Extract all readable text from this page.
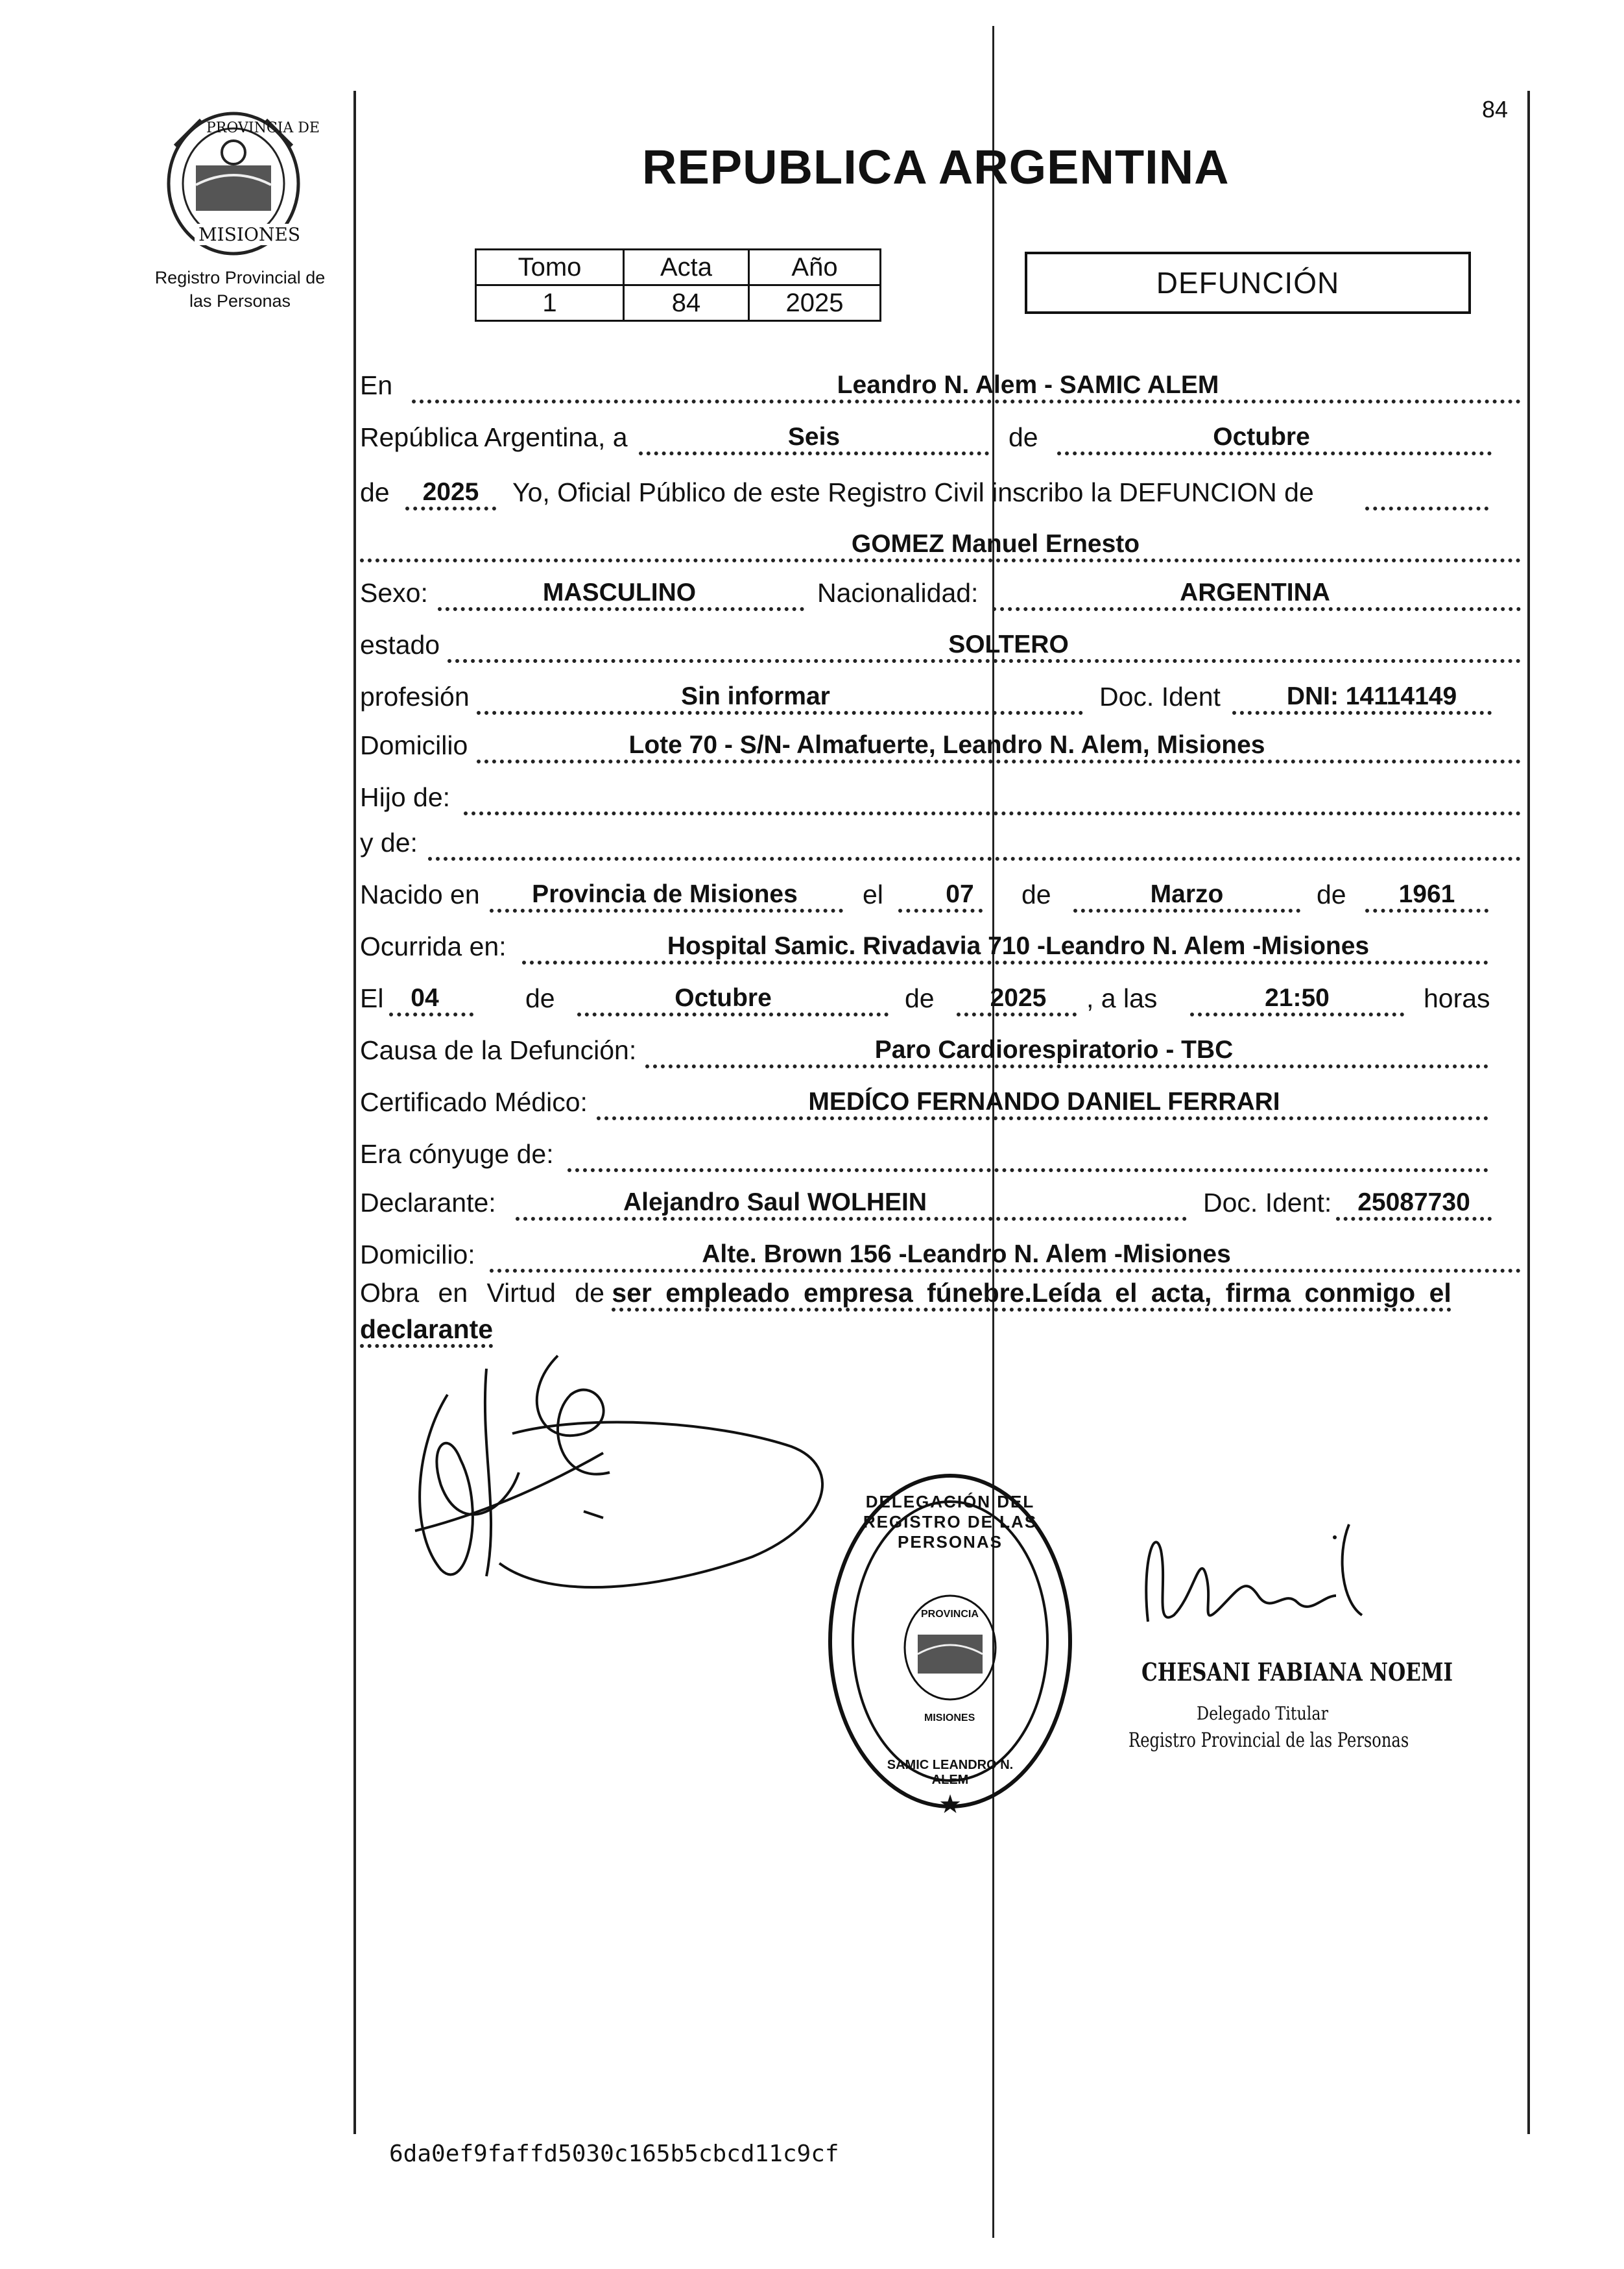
84
PROVINCIA DE
MISIONES
Registro Provincial de
las Personas
REPUBLICA ARGENTINA
Tomo	Acta	Año
1	84	2025
DEFUNCIÓN
En	Leandro N. Alem - SAMIC ALEM
República Argentina, a	Seis	de	Octubre
de 2025 Yo, Oficial Público de este Registro Civil inscribo la DEFUNCION de
GOMEZ Manuel Ernesto
Sexo:	MASCULINO	Nacionalidad:	ARGENTINA
estado	SOLTERO
profesión	Sin informar	Doc. Ident	DNI: 14114149
Domicilio	Lote 70 - S/N- Almafuerte, Leandro N. Alem, Misiones
Hijo de:
y de:
Nacido en Provincia de Misiones el 07 de	Marzo	de 1961
Ocurrida en:	Hospital Samic. Rivadavia 710 -Leandro N. Alem -Misiones
El 04	de	Octubre	de 2025 , a las	21:50	horas
Causa de la Defunción:	Paro Cardiorespiratorio - TBC
Certificado Médico:	MEDÍCO FERNANDO DANIEL FERRARI
Era cónyuge de:
Declarante:	Alejandro Saul WOLHEIN	Doc. Ident: 25087730
Domicilio:	Alte. Brown 156 -Leandro N. Alem -Misiones
Obra en Virtud de ser empleado empresa fúnebre.Leída el acta, firma conmigo el declarante
★
DELEGACIÓN DEL REGISTRO DE LAS PERSONAS
SAMIC LEANDRO N. ALEM
PROVINCIA
MISIONES
CHESANI FABIANA NOEMI
Delegado Titular
Registro Provincial de las Personas
6da0ef9faffd5030c165b5cbcd11c9cf
